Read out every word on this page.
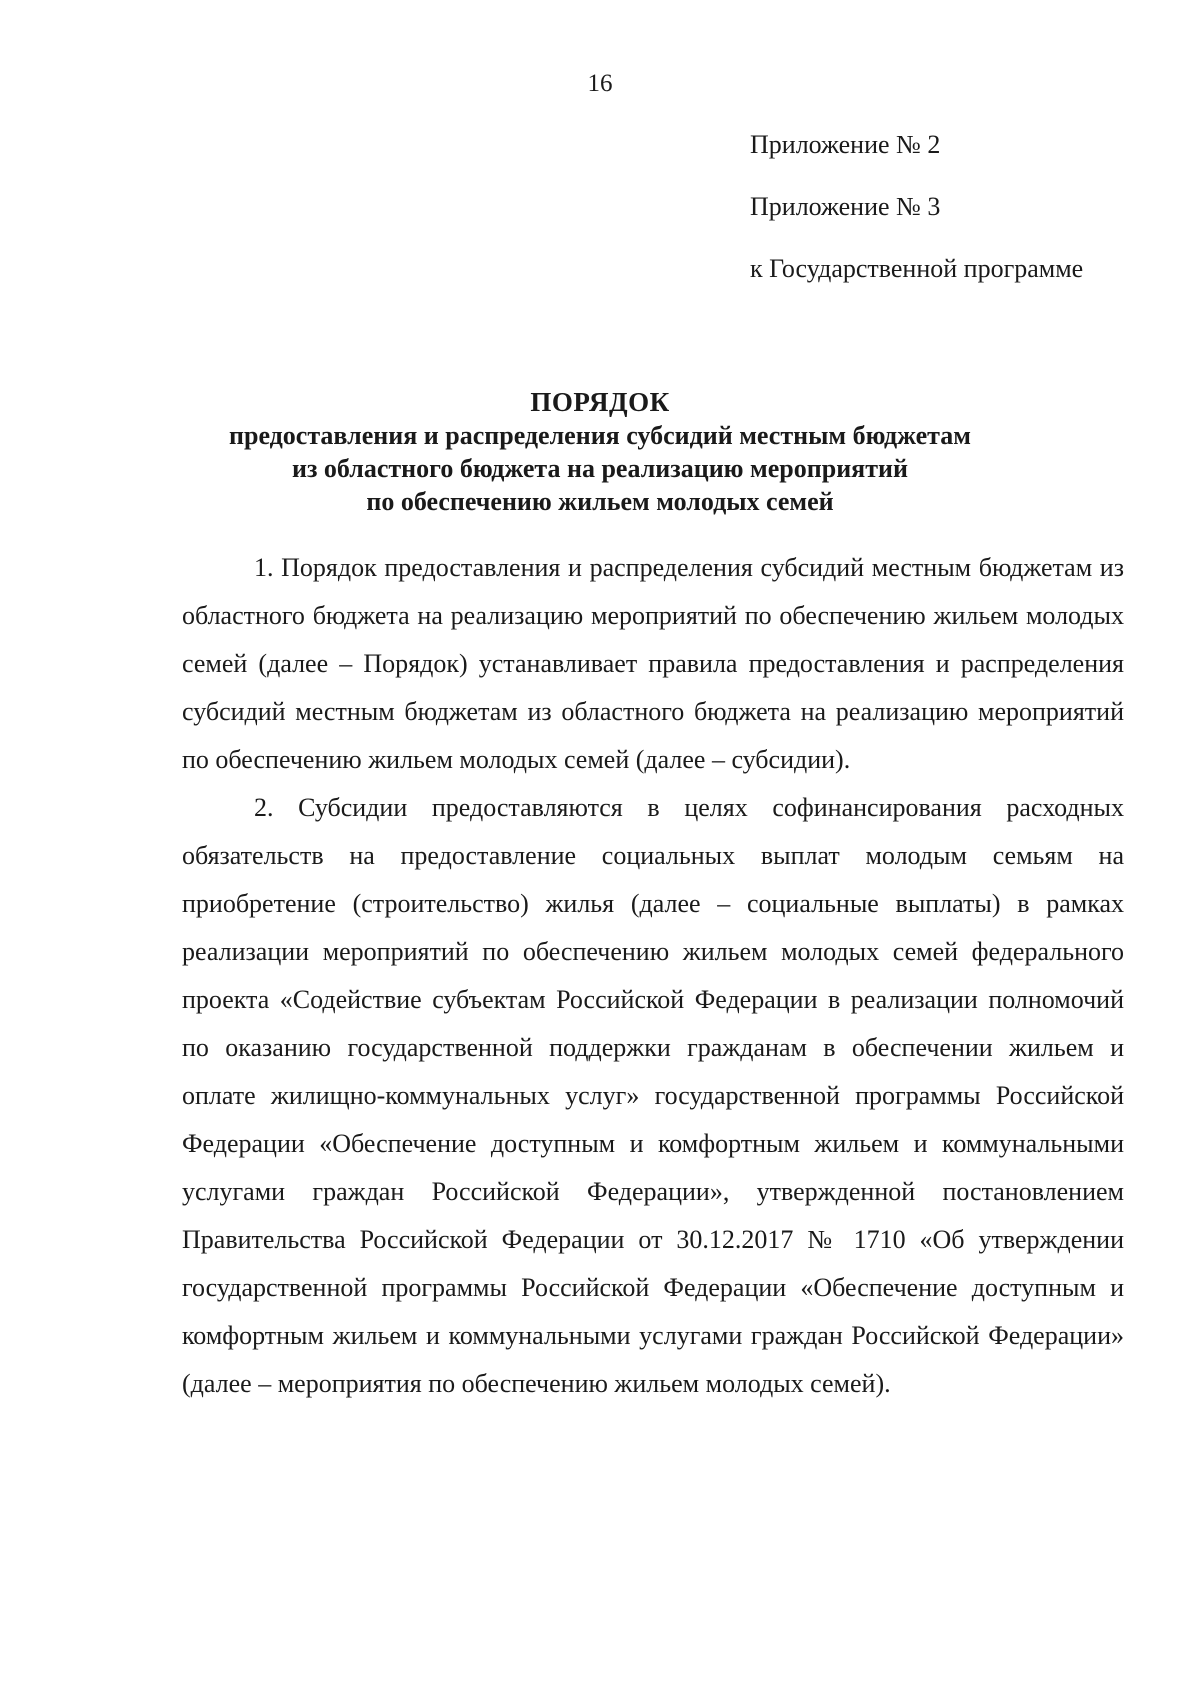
16
Приложение № 2
Приложение № 3
к Государственной программе
ПОРЯДОК
предоставления и распределения субсидий местным бюджетам
из областного бюджета на реализацию мероприятий
по обеспечению жильем молодых семей

1. Порядок предоставления и распределения субсидий местным бюджетам из областного бюджета на реализацию мероприятий по обеспечению жильем молодых семей (далее – Порядок) устанавливает правила предоставления и распределения субсидий местным бюджетам из областного бюджета на реализацию мероприятий по обеспечению жильем молодых семей (далее – субсидии).

2. Субсидии предоставляются в целях софинансирования расходных обязательств на предоставление социальных выплат молодым семьям на приобретение (строительство) жилья (далее – социальные выплаты) в рамках реализации мероприятий по обеспечению жильем молодых семей федерального проекта «Содействие субъектам Российской Федерации в реализации полномочий по оказанию государственной поддержки гражданам в обеспечении жильем и оплате жилищно-коммунальных услуг» государственной программы Российской Федерации «Обеспечение доступным и комфортным жильем и коммунальными услугами граждан Российской Федерации», утвержденной постановлением Правительства Российской Федерации от 30.12.2017 № 1710 «Об утверждении государственной программы Российской Федерации «Обеспечение доступным и комфортным жильем и коммунальными услугами граждан Российской Федерации» (далее – мероприятия по обеспечению жильем молодых семей).
